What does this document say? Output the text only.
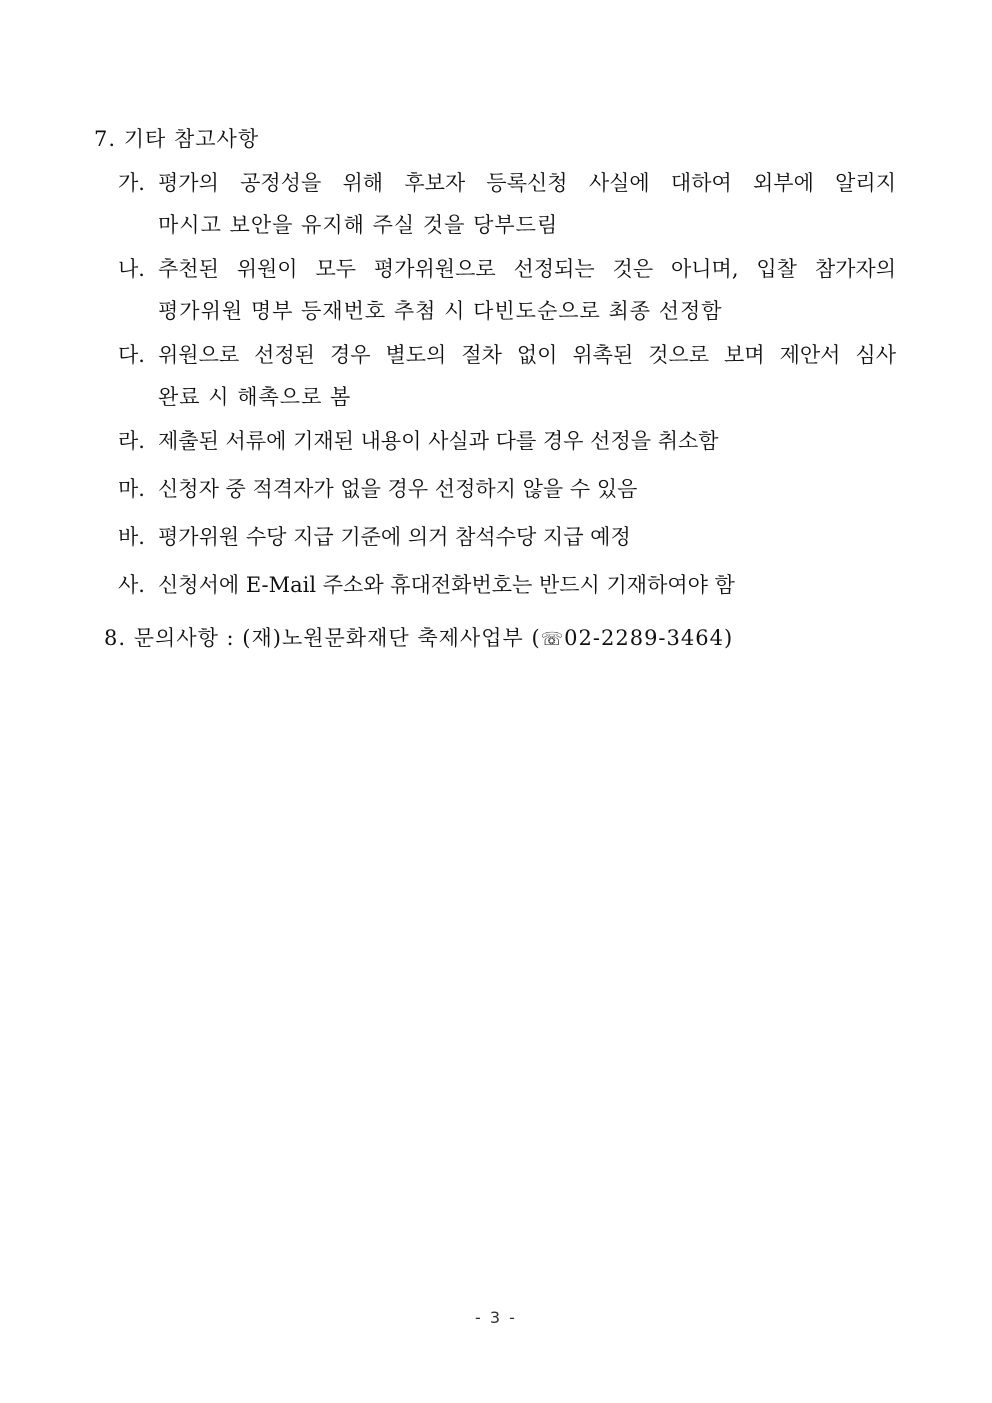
7. 기타 참고사항
가. 평가의 공정성을 위해 후보자 등록신청 사실에 대하여 외부에 알리지
마시고 보안을 유지해 주실 것을 당부드림
나. 추천된 위원이 모두 평가위원으로 선정되는 것은 아니며, 입찰 참가자의
평가위원 명부 등재번호 추첨 시 다빈도순으로 최종 선정함
다. 위원으로 선정된 경우 별도의 절차 없이 위촉된 것으로 보며 제안서 심사
완료 시 해촉으로 봄
라. 제출된 서류에 기재된 내용이 사실과 다를 경우 선정을 취소함
마. 신청자 중 적격자가 없을 경우 선정하지 않을 수 있음
바. 평가위원 수당 지급 기준에 의거 참석수당 지급 예정
사. 신청서에 E-Mail 주소와 휴대전화번호는 반드시 기재하여야 함
8. 문의사항 : (재)노원문화재단 축제사업부 (☏02-2289-3464)
- 3 -
